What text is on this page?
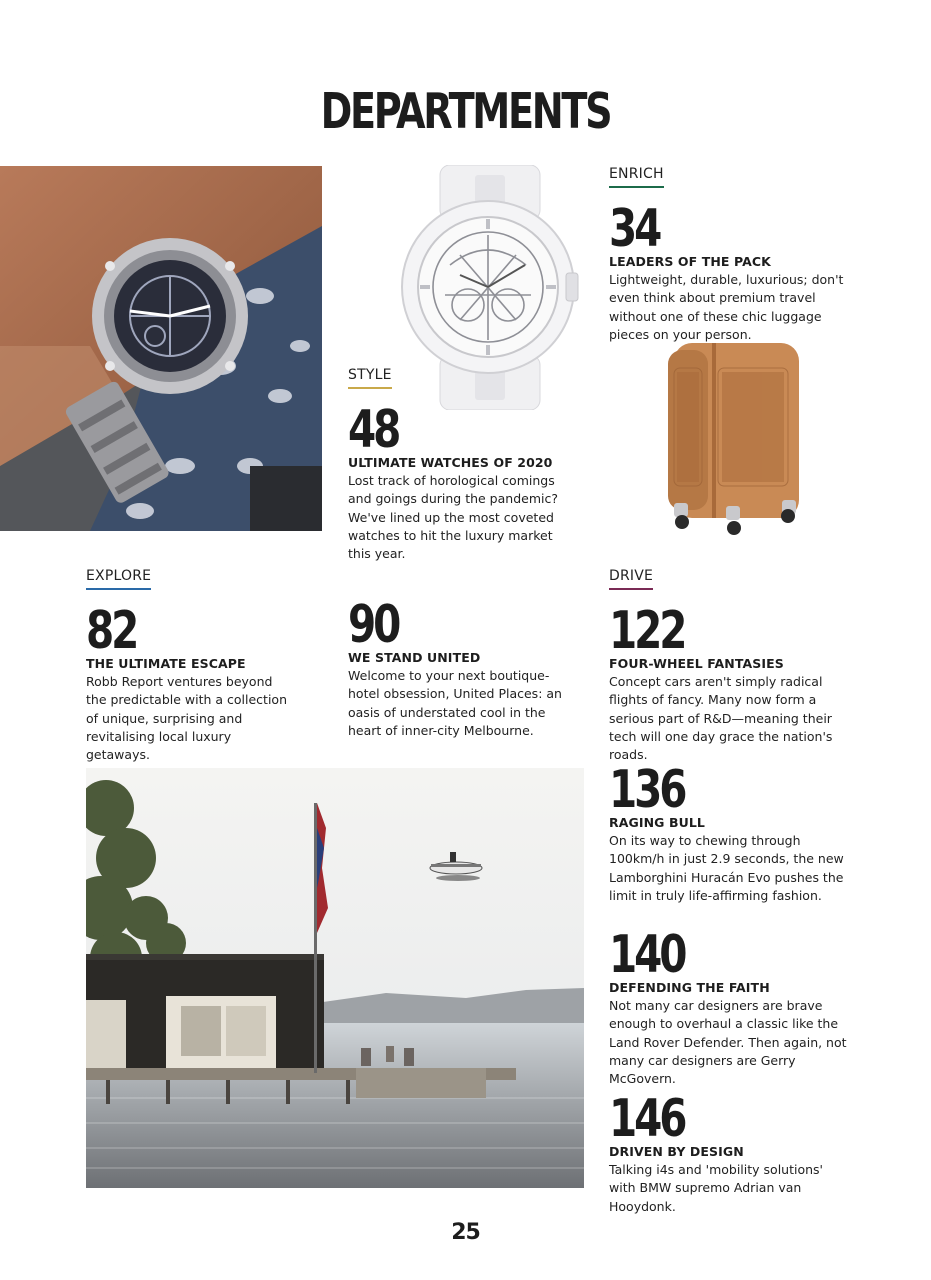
DEPARTMENTS
STYLE
48
ULTIMATE WATCHES OF 2020
Lost track of horological comings and goings during the pandemic? We've lined up the most coveted watches to hit the luxury market this year.
ENRICH
34
LEADERS OF THE PACK
Lightweight, durable, luxurious; don't even think about premium travel without one of these chic luggage pieces on your person.
EXPLORE
82
THE ULTIMATE ESCAPE
Robb Report ventures beyond the predictable with a collection of unique, surprising and revitalising local luxury getaways.
90
WE STAND UNITED
Welcome to your next boutique-hotel obsession, United Places: an oasis of understated cool in the heart of inner-city Melbourne.
DRIVE
122
FOUR-WHEEL FANTASIES
Concept cars aren't simply radical flights of fancy. Many now form a serious part of R&D—meaning their tech will one day grace the nation's roads.
136
RAGING BULL
On its way to chewing through 100km/h in just 2.9 seconds, the new Lamborghini Huracán Evo pushes the limit in truly life-affirming fashion.
140
DEFENDING THE FAITH
Not many car designers are brave enough to overhaul a classic like the Land Rover Defender. Then again, not many car designers are Gerry McGovern.
146
DRIVEN BY DESIGN
Talking i4s and 'mobility solutions' with BMW supremo Adrian van Hooydonk.
25
